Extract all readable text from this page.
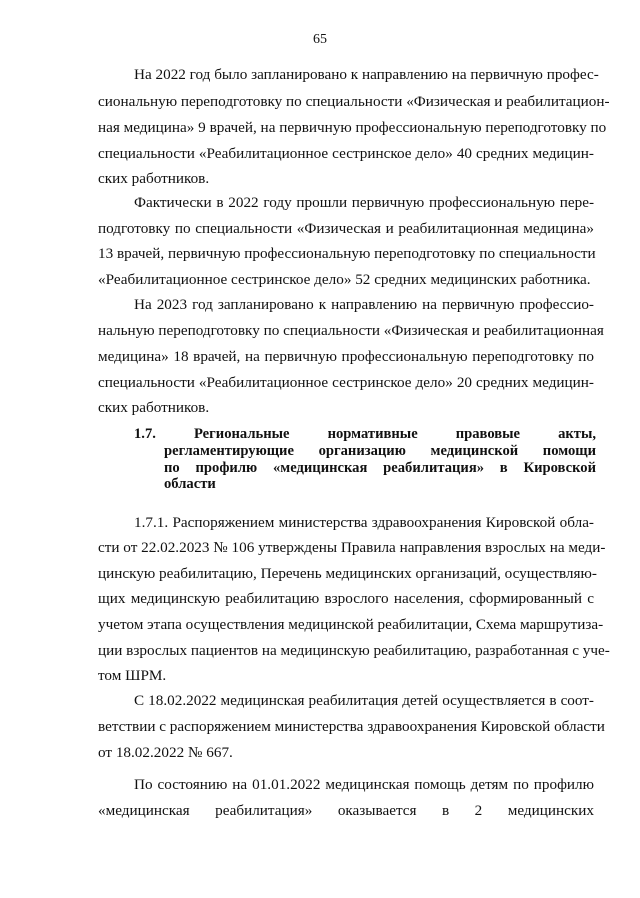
65
На 2022 год было запланировано к направлению на первичную профес-
сиональную переподготовку по специальности «Физическая и реабилитацион-
ная медицина» 9 врачей, на первичную профессиональную переподготовку по
специальности «Реабилитационное сестринское дело» 40 средних медицин-
ских работников.
Фактически в 2022 году прошли первичную профессиональную пере-
подготовку по специальности «Физическая и реабилитационная медицина»
13 врачей, первичную профессиональную переподготовку по специальности
«Реабилитационное сестринское дело» 52 средних медицинских работника.
На 2023 год запланировано к направлению на первичную профессио-
нальную переподготовку по специальности «Физическая и реабилитационная
медицина» 18 врачей, на первичную профессиональную переподготовку по
специальности «Реабилитационное сестринское дело» 20 средних медицин-
ских работников.
1.7. Региональные нормативные правовые акты,
регламентирующие организацию медицинской помощи
по профилю «медицинская реабилитация» в Кировской
области
1.7.1. Распоряжением министерства здравоохранения Кировской обла-
сти от 22.02.2023 № 106 утверждены Правила направления взрослых на меди-
цинскую реабилитацию, Перечень медицинских организаций, осуществляю-
щих медицинскую реабилитацию взрослого населения, сформированный с
учетом этапа осуществления медицинской реабилитации, Схема маршрутиза-
ции взрослых пациентов на медицинскую реабилитацию, разработанная с уче-
том ШРМ.
С 18.02.2022 медицинская реабилитация детей осуществляется в соот-
ветствии с распоряжением министерства здравоохранения Кировской области
от 18.02.2022 № 667.
По состоянию на 01.01.2022 медицинская помощь детям по профилю
«медицинская реабилитация» оказывается в 2 медицинских
